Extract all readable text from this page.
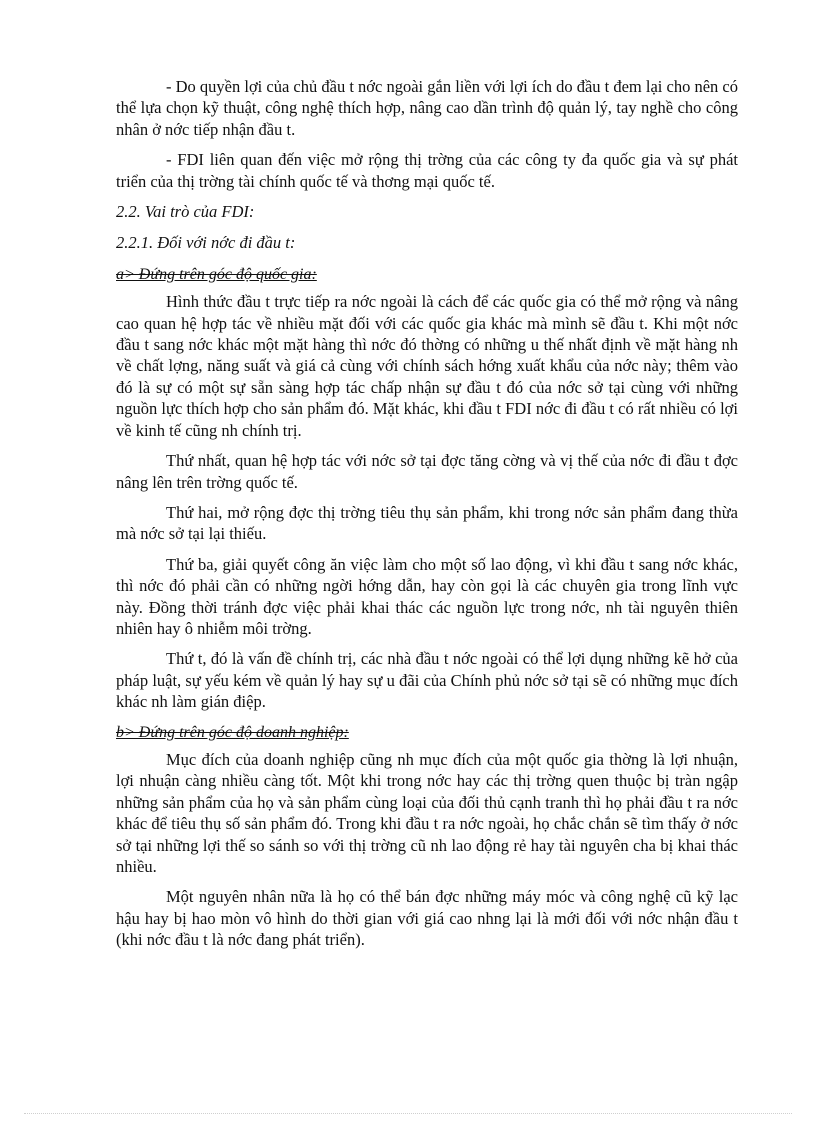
- Do quyền lợi của chủ đầu t nớc ngoài gắn liền với lợi ích do đầu t đem lại cho nên có thể lựa chọn kỹ thuật, công nghệ thích hợp, nâng cao dần trình độ quản lý, tay nghề cho công nhân ở nớc tiếp nhận đầu t.

- FDI liên quan đến việc mở rộng thị trờng của các công ty đa quốc gia và sự phát triển của thị trờng tài chính quốc tế và thơng mại quốc tế.

2.2. Vai trò của FDI:

2.2.1. Đối với nớc đi đầu t:

a> Đứng trên góc độ quốc gia:

Hình thức đầu t trực tiếp ra nớc ngoài là cách để các quốc gia có thể mở rộng và nâng cao quan hệ hợp tác về nhiều mặt đối với các quốc gia khác mà mình sẽ đầu t. Khi một nớc đầu t sang nớc khác một mặt hàng thì nớc đó thờng có những u thế nhất định về mặt hàng nh về chất lợng, năng suất và giá cả cùng với chính sách hớng xuất khẩu của nớc này; thêm vào đó là sự có một sự sẵn sàng hợp tác chấp nhận sự đầu t đó của nớc sở tại cùng với những nguồn lực thích hợp cho sản phẩm đó. Mặt khác, khi đầu t FDI nớc đi đầu t có rất nhiều có lợi về kinh tế cũng nh chính trị.

Thứ nhất, quan hệ hợp tác với nớc sở tại đợc tăng cờng và vị thế của nớc đi đầu t đợc nâng lên trên trờng quốc tế.

Thứ hai, mở rộng đợc thị trờng tiêu thụ sản phẩm, khi trong nớc sản phẩm đang thừa mà nớc sở tại lại thiếu.

Thứ ba, giải quyết công ăn việc làm cho một số lao động, vì khi đầu t sang nớc khác, thì nớc đó phải cần có những ngời hớng dẫn, hay còn gọi là các chuyên gia trong lĩnh vực này. Đồng thời tránh đợc việc phải khai thác các nguồn lực trong nớc, nh tài nguyên thiên nhiên hay ô nhiễm môi trờng.

Thứ t, đó là vấn đề chính trị, các nhà đầu t nớc ngoài có thể lợi dụng những kẽ hở của pháp luật, sự yếu kém về quản lý hay sự u đãi của Chính phủ nớc sở tại sẽ có những mục đích khác nh làm gián điệp.

b> Đứng trên góc độ doanh nghiệp:

Mục đích của doanh nghiệp cũng nh mục đích của một quốc gia thờng là lợi nhuận, lợi nhuận càng nhiều càng tốt. Một khi trong nớc hay các thị trờng quen thuộc bị tràn ngập những sản phẩm của họ và sản phẩm cùng loại của đối thủ cạnh tranh thì họ phải đầu t ra nớc khác để tiêu thụ số sản phẩm đó. Trong khi đầu t ra nớc ngoài, họ chắc chắn sẽ tìm thấy ở nớc sở tại những lợi thế so sánh so với thị trờng cũ nh lao động rẻ hay tài nguyên cha bị khai thác nhiều.

Một nguyên nhân nữa là họ có thể bán đợc những máy móc và công nghệ cũ kỹ lạc hậu hay bị hao mòn vô hình do thời gian với giá cao nhng lại là mới đối với nớc nhận đầu t (khi nớc đầu t là nớc đang phát triển).
